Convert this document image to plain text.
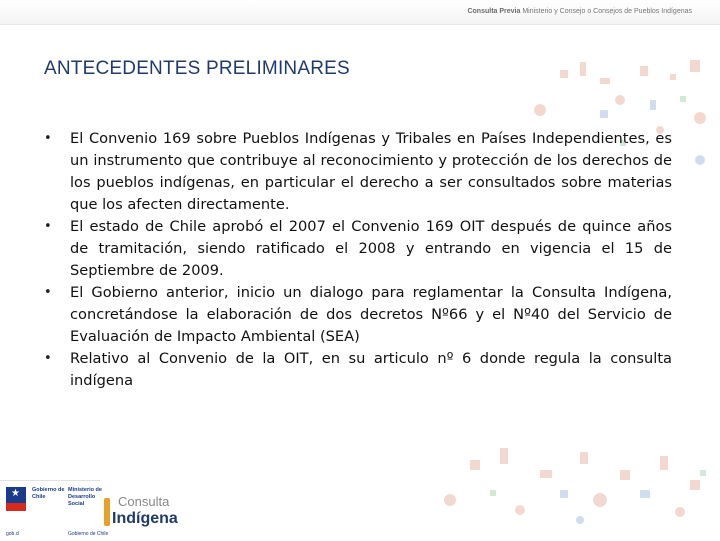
Consulta Previa Ministerio y Consejo o Consejos de Pueblos Indígenas
ANTECEDENTES PRELIMINARES
•	El Convenio 169 sobre Pueblos Indígenas y Tribales en Países Independientes, es un instrumento que contribuye al reconocimiento y protección de los derechos de los pueblos indígenas, en particular el derecho a ser consultados sobre materias que los afecten directamente.
•	El estado de Chile aprobó el 2007 el Convenio 169 OIT después de quince años de tramitación, siendo ratificado el 2008 y entrando en vigencia el 15 de Septiembre de 2009.
•	El Gobierno anterior, inicio un dialogo para reglamentar la Consulta Indígena, concretándose la elaboración de dos decretos Nº66 y el Nº40 del Servicio de Evaluación de Impacto Ambiental (SEA)
•	Relativo al Convenio de la OIT, en su articulo nº 6 donde regula la consulta indígena
★ Gobierno de
Chile
Ministerio de
Desarrollo
Social
gob.cl	Gobierno de Chile
Consulta
Indígena
